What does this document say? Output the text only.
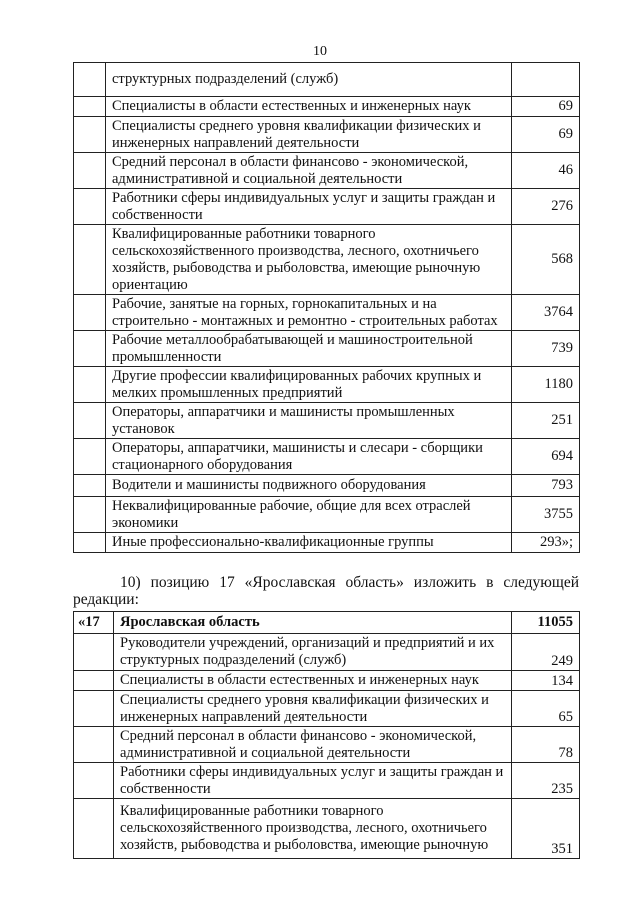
10
	структурных подразделений (служб)	
	Специалисты в области естественных и инженерных наук	69
	Специалисты среднего уровня квалификации физических и инженерных направлений деятельности	69
	Средний персонал в области финансово - экономической, административной и социальной деятельности	46
	Работники сферы индивидуальных услуг и защиты граждан и собственности	276
	Квалифицированные работники товарного сельскохозяйственного производства, лесного, охотничьего хозяйств, рыбоводства и рыболовства, имеющие рыночную ориентацию	568
	Рабочие, занятые на горных, горнокапитальных и на строительно - монтажных и ремонтно - строительных работах	3764
	Рабочие металлообрабатывающей и машиностроительной промышленности	739
	Другие профессии квалифицированных рабочих крупных и мелких промышленных предприятий	1180
	Операторы, аппаратчики и машинисты промышленных установок	251
	Операторы, аппаратчики, машинисты и слесари - сборщики стационарного оборудования	694
	Водители и машинисты подвижного оборудования	793
	Неквалифицированные рабочие, общие для всех отраслей экономики	3755
	Иные профессионально-квалификационные группы	293»;
10) позицию 17 «Ярославская область» изложить в следующей
редакции:
«17	Ярославская область	11055
	Руководители учреждений, организаций и предприятий и их структурных подразделений (служб)	249
	Специалисты в области естественных и инженерных наук	134
	Специалисты среднего уровня квалификации физических и инженерных направлений деятельности	65
	Средний персонал в области финансово - экономической, административной и социальной деятельности	78
	Работники сферы индивидуальных услуг и защиты граждан и собственности	235
	Квалифицированные работники товарного сельскохозяйственного производства, лесного, охотничьего хозяйств, рыбоводства и рыболовства, имеющие рыночную	351
